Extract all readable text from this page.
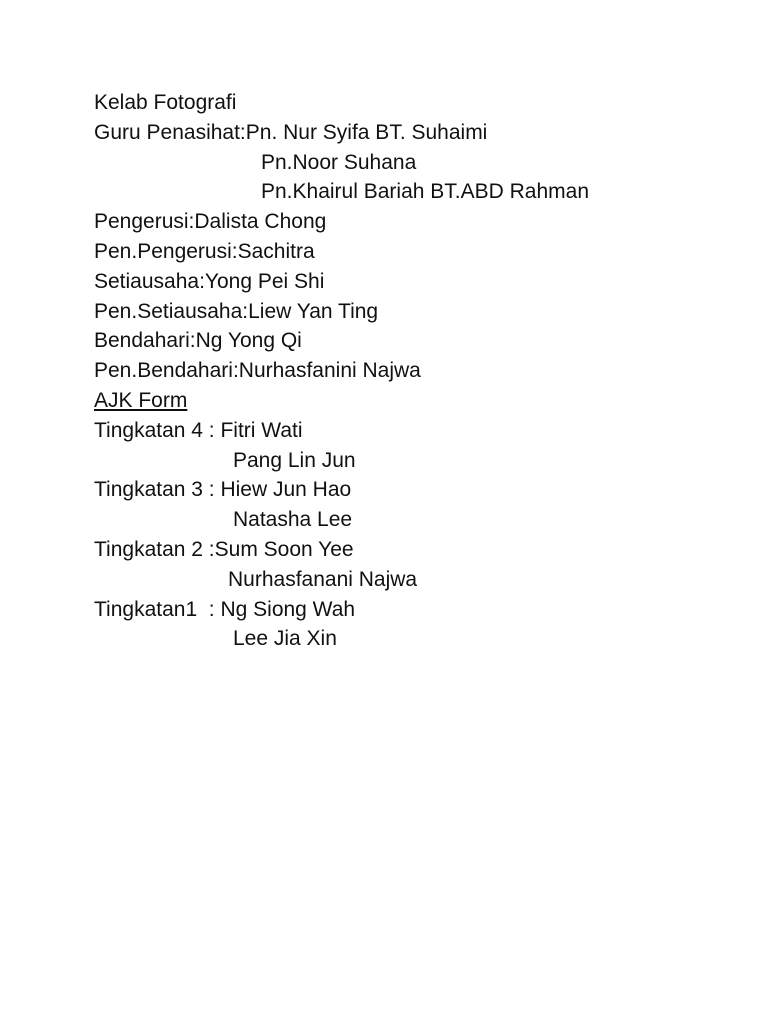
Kelab Fotografi
Guru Penasihat:Pn. Nur Syifa BT. Suhaimi
Pn.Noor Suhana
Pn.Khairul Bariah BT.ABD Rahman
Pengerusi:Dalista Chong
Pen.Pengerusi:Sachitra
Setiausaha:Yong Pei Shi
Pen.Setiausaha:Liew Yan Ting
Bendahari:Ng Yong Qi
Pen.Bendahari:Nurhasfanini Najwa
AJK Form
Tingkatan 4 : Fitri Wati
Pang Lin Jun
Tingkatan 3 : Hiew Jun Hao
Natasha Lee
Tingkatan 2 :Sum Soon Yee
Nurhasfanani Najwa
Tingkatan1  : Ng Siong Wah
Lee Jia Xin
